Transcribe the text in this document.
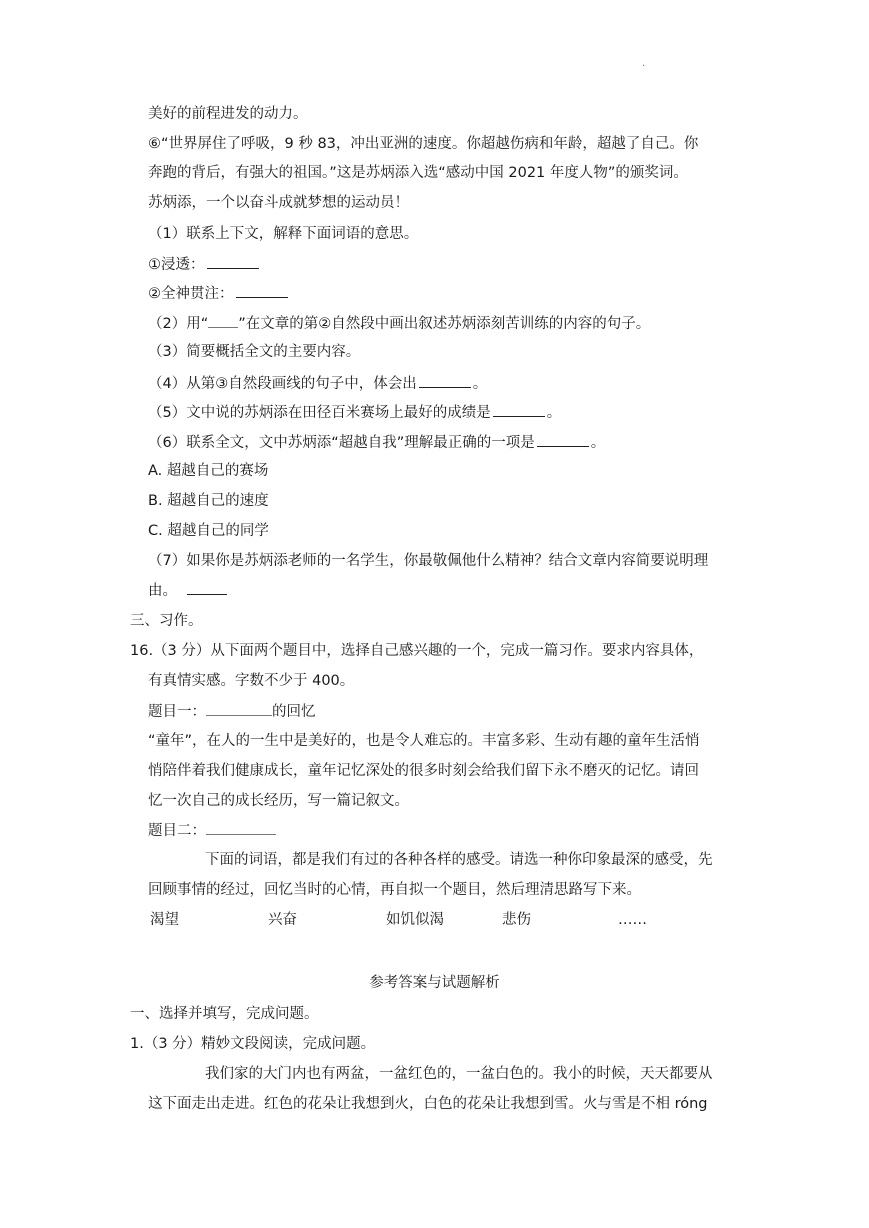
.
美好的前程进发的动力。
⑥“世界屏住了呼吸，9 秒 83，冲出亚洲的速度。你超越伤病和年龄，超越了自己。你
奔跑的背后，有强大的祖国。”这是苏炳添入选“感动中国 2021 年度人物”的颁奖词。
苏炳添，一个以奋斗成就梦想的运动员！
（1）联系上下文，解释下面词语的意思。
①浸透：
②全神贯注：
（2）用“ ”在文章的第②自然段中画出叙述苏炳添刻苦训练的内容的句子。
（3）简要概括全文的主要内容。
（4）从第③自然段画线的句子中，体会出	。
（5）文中说的苏炳添在田径百米赛场上最好的成绩是	。
（6）联系全文，文中苏炳添“超越自我”理解最正确的一项是	。
A. 超越自己的赛场
B. 超越自己的速度
C. 超越自己的同学
（7）如果你是苏炳添老师的一名学生，你最敬佩他什么精神？结合文章内容简要说明理
由。
三、习作。
16.（3 分）从下面两个题目中，选择自己感兴趣的一个，完成一篇习作。要求内容具体，
有真情实感。字数不少于 400。
题目一：	的回忆
“童年”，在人的一生中是美好的，也是令人难忘的。丰富多彩、生动有趣的童年生活悄
悄陪伴着我们健康成长，童年记忆深处的很多时刻会给我们留下永不磨灭的记忆。请回
忆一次自己的成长经历，写一篇记叙文。
题目二：
下面的词语，都是我们有过的各种各样的感受。请选一种你印象最深的感受，先
回顾事情的经过，回忆当时的心情，再自拟一个题目，然后理清思路写下来。
渴望	兴奋	如饥似渴	悲伤	……
参考答案与试题解析
一、选择并填写，完成问题。
1.（3 分）精妙文段阅读，完成问题。
我们家的大门内也有两盆，一盆红色的，一盆白色的。我小的时候，天天都要从
这下面走出走进。红色的花朵让我想到火，白色的花朵让我想到雪。火与雪是不相 róng
